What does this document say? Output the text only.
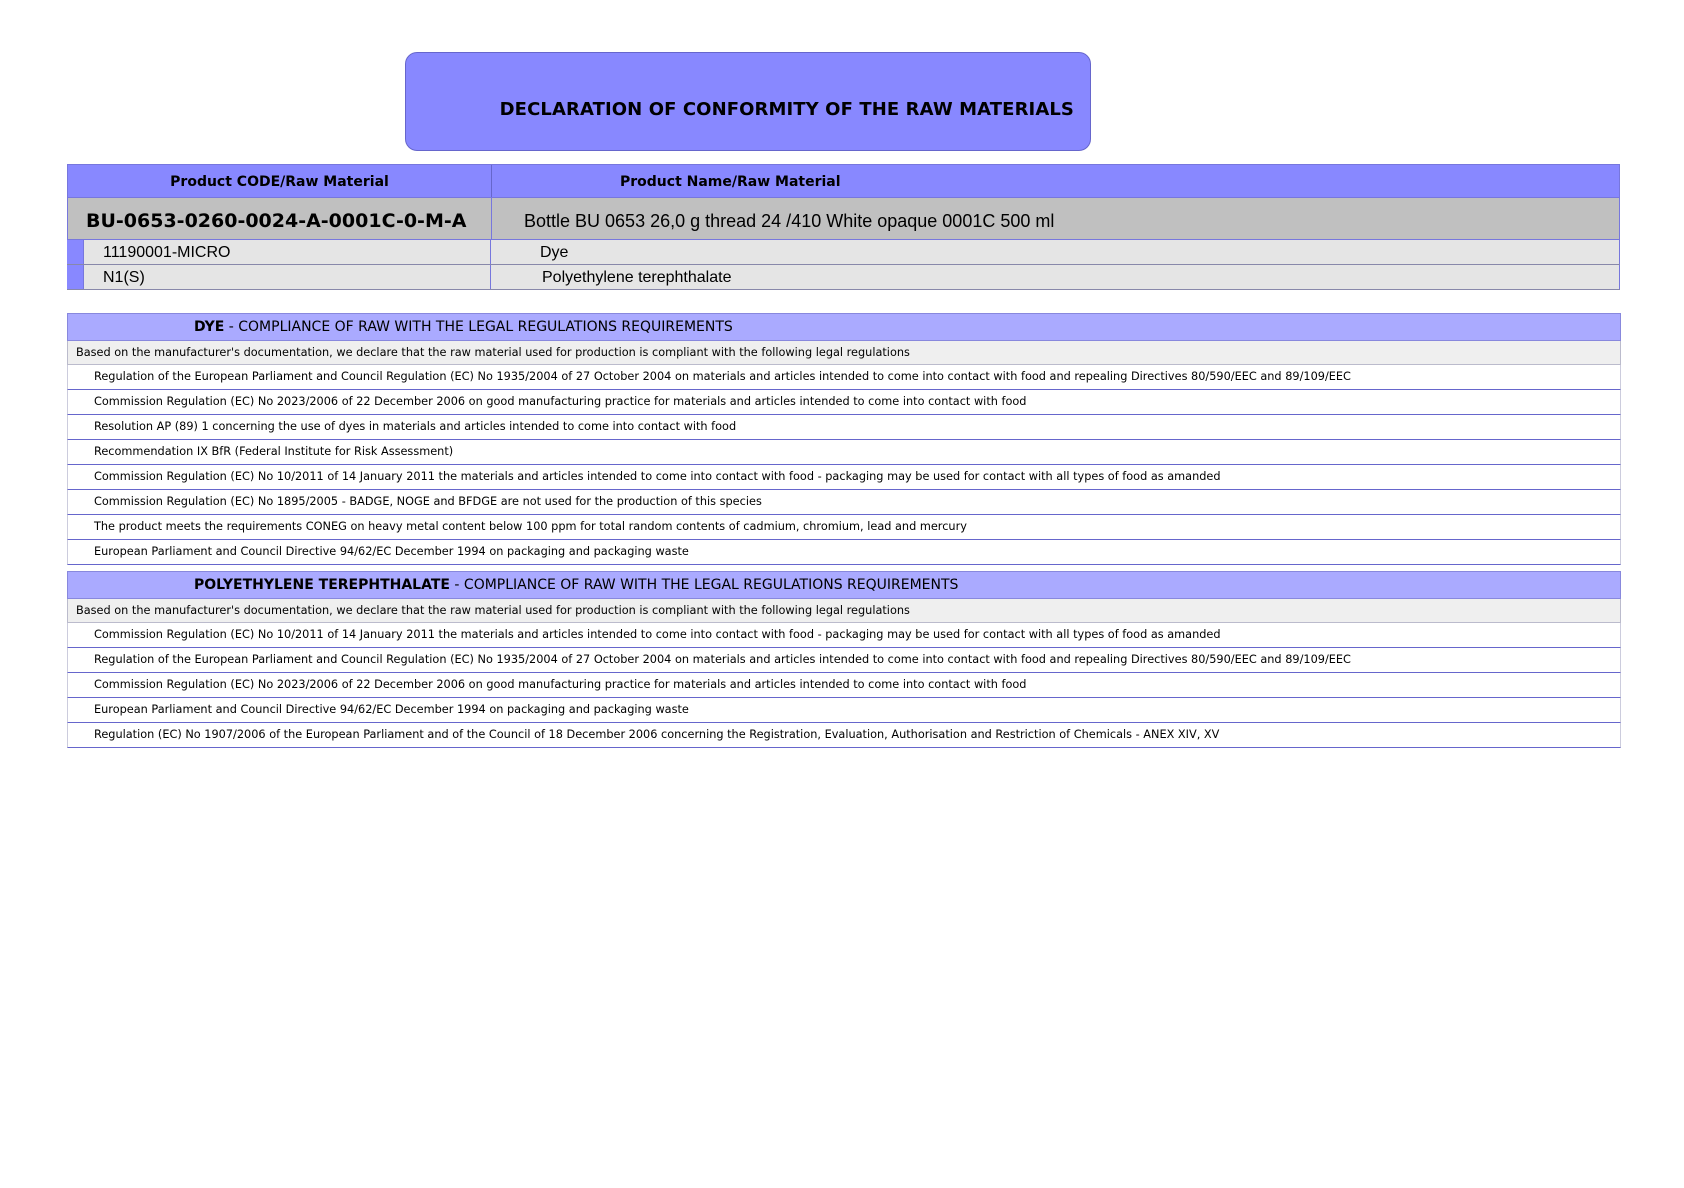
DECLARATION OF CONFORMITY OF THE RAW MATERIALS
Product CODE/Raw Material	Product Name/Raw Material
BU-0653-0260-0024-A-0001C-0-M-A	Bottle BU 0653 26,0 g thread 24 /410 White opaque 0001C 500 ml
11190001-MICRO	Dye
N1(S)	Polyethylene terephthalate
DYE - COMPLIANCE OF RAW WITH THE LEGAL REGULATIONS REQUIREMENTS
Based on the manufacturer's documentation, we declare that the raw material used for production is compliant with the following legal regulations
Regulation of the European Parliament and Council Regulation (EC) No 1935/2004 of 27 October 2004 on materials and articles intended to come into contact with food and repealing Directives 80/590/EEC and 89/109/EEC
Commission Regulation (EC) No 2023/2006 of 22 December 2006 on good manufacturing practice for materials and articles intended to come into contact with food
Resolution AP (89) 1 concerning the use of dyes in materials and articles intended to come into contact with food
Recommendation IX BfR (Federal Institute for Risk Assessment)
Commission Regulation (EC) No 10/2011 of 14 January 2011 the materials and articles intended to come into contact with food - packaging may be used for contact with all types of food as amanded
Commission Regulation (EC) No 1895/2005 - BADGE, NOGE and BFDGE are not used for the production of this species
The product meets the requirements CONEG on heavy metal content below 100 ppm for total random contents of cadmium, chromium, lead and mercury
European Parliament and Council Directive 94/62/EC December 1994 on packaging and packaging waste
POLYETHYLENE TEREPHTHALATE - COMPLIANCE OF RAW WITH THE LEGAL REGULATIONS REQUIREMENTS
Based on the manufacturer's documentation, we declare that the raw material used for production is compliant with the following legal regulations
Commission Regulation (EC) No 10/2011 of 14 January 2011 the materials and articles intended to come into contact with food - packaging may be used for contact with all types of food as amanded
Regulation of the European Parliament and Council Regulation (EC) No 1935/2004 of 27 October 2004 on materials and articles intended to come into contact with food and repealing Directives 80/590/EEC and 89/109/EEC
Commission Regulation (EC) No 2023/2006 of 22 December 2006 on good manufacturing practice for materials and articles intended to come into contact with food
European Parliament and Council Directive 94/62/EC December 1994 on packaging and packaging waste
Regulation (EC) No 1907/2006 of the European Parliament and of the Council of 18 December 2006 concerning the Registration, Evaluation, Authorisation and Restriction of Chemicals - ANEX XIV, XV
